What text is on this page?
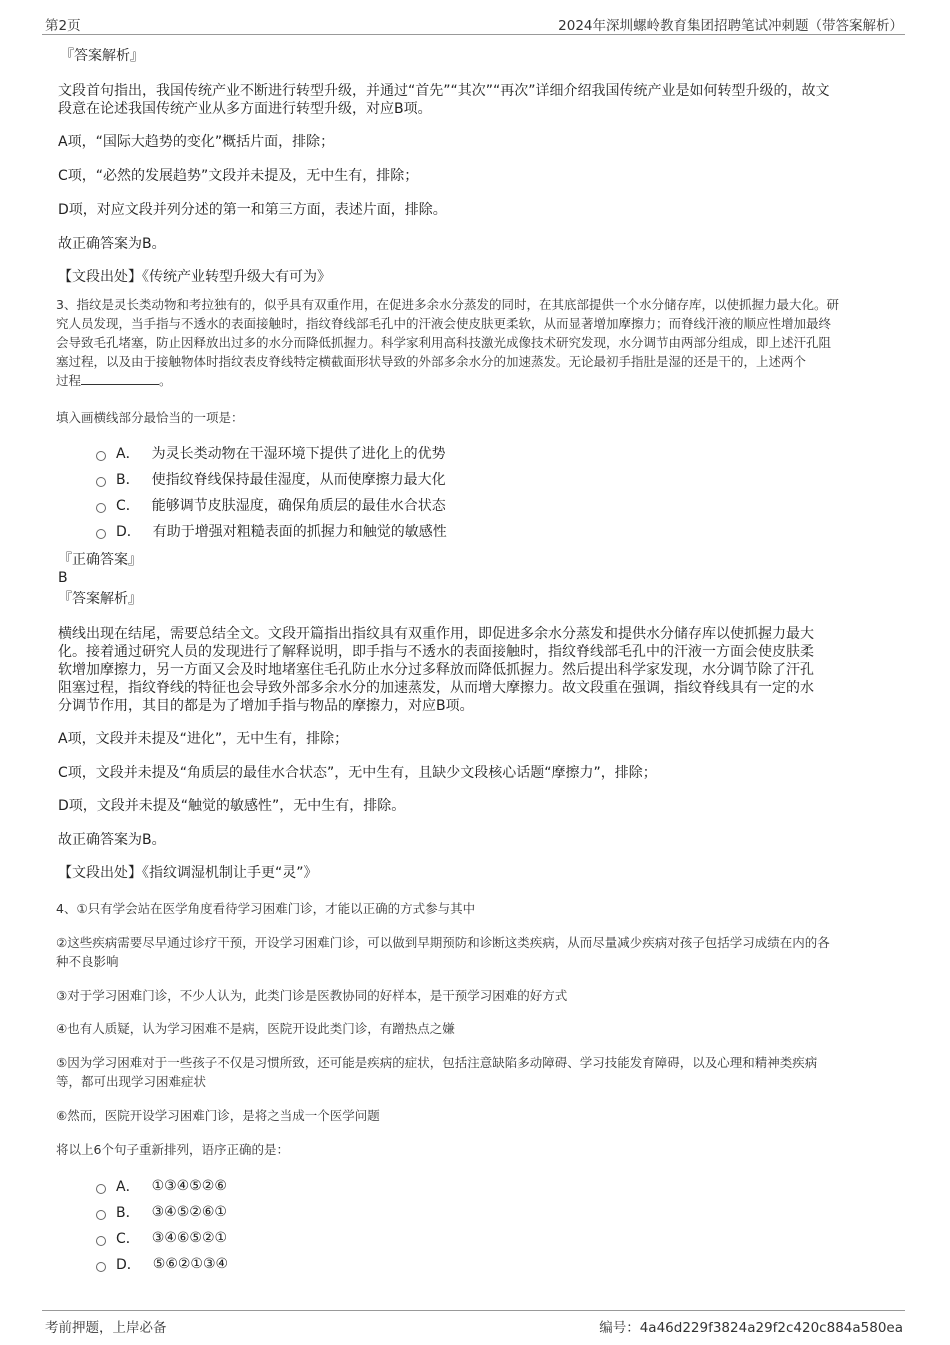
第2页	2024年深圳螺岭教育集团招聘笔试冲刺题（带答案解析）
『答案解析』
文段首句指出，我国传统产业不断进行转型升级，并通过“首先”“其次”“再次”详细介绍我国传统产业是如何转型升级的，故文
段意在论述我国传统产业从多方面进行转型升级，对应B项。
A项，“国际大趋势的变化”概括片面，排除；
C项，“必然的发展趋势”文段并未提及，无中生有，排除；
D项，对应文段并列分述的第一和第三方面，表述片面，排除。
故正确答案为B。
【文段出处】《传统产业转型升级大有可为》
3、指纹是灵长类动物和考拉独有的，似乎具有双重作用，在促进多余水分蒸发的同时，在其底部提供一个水分储存库，以使抓握力最大化。研
究人员发现，当手指与不透水的表面接触时，指纹脊线部毛孔中的汗液会使皮肤更柔软，从而显著增加摩擦力；而脊线汗液的顺应性增加最终
会导致毛孔堵塞，防止因释放出过多的水分而降低抓握力。科学家利用高科技激光成像技术研究发现，水分调节由两部分组成，即上述汗孔阻
塞过程，以及由于接触物体时指纹表皮脊线特定横截面形状导致的外部多余水分的加速蒸发。无论最初手指肚是湿的还是干的，上述两个
过程	。
填入画横线部分最恰当的一项是：
A． 为灵长类动物在干湿环境下提供了进化上的优势
B． 使指纹脊线保持最佳湿度，从而使摩擦力最大化
C． 能够调节皮肤湿度，确保角质层的最佳水合状态
D． 有助于增强对粗糙表面的抓握力和触觉的敏感性
『正确答案』
B
『答案解析』
横线出现在结尾，需要总结全文。文段开篇指出指纹具有双重作用，即促进多余水分蒸发和提供水分储存库以使抓握力最大
化。接着通过研究人员的发现进行了解释说明，即手指与不透水的表面接触时，指纹脊线部毛孔中的汗液一方面会使皮肤柔
软增加摩擦力，另一方面又会及时地堵塞住毛孔防止水分过多释放而降低抓握力。然后提出科学家发现，水分调节除了汗孔
阻塞过程，指纹脊线的特征也会导致外部多余水分的加速蒸发，从而增大摩擦力。故文段重在强调，指纹脊线具有一定的水
分调节作用，其目的都是为了增加手指与物品的摩擦力，对应B项。
A项，文段并未提及“进化”，无中生有，排除；
C项，文段并未提及“角质层的最佳水合状态”，无中生有，且缺少文段核心话题“摩擦力”，排除；
D项，文段并未提及“触觉的敏感性”，无中生有，排除。
故正确答案为B。
【文段出处】《指纹调湿机制让手更“灵”》
4、①只有学会站在医学角度看待学习困难门诊，才能以正确的方式参与其中
②这些疾病需要尽早通过诊疗干预，开设学习困难门诊，可以做到早期预防和诊断这类疾病，从而尽量减少疾病对孩子包括学习成绩在内的各
种不良影响
③对于学习困难门诊，不少人认为，此类门诊是医教协同的好样本，是干预学习困难的好方式
④也有人质疑，认为学习困难不是病，医院开设此类门诊，有蹭热点之嫌
⑤因为学习困难对于一些孩子不仅是习惯所致，还可能是疾病的症状，包括注意缺陷多动障碍、学习技能发育障碍，以及心理和精神类疾病
等，都可出现学习困难症状
⑥然而，医院开设学习困难门诊，是将之当成一个医学问题
将以上6个句子重新排列，语序正确的是：
A． ①③④⑤②⑥
B． ③④⑤②⑥①
C． ③④⑥⑤②①
D． ⑤⑥②①③④
考前押题，上岸必备	编号：4a46d229f3824a29f2c420c884a580ea
